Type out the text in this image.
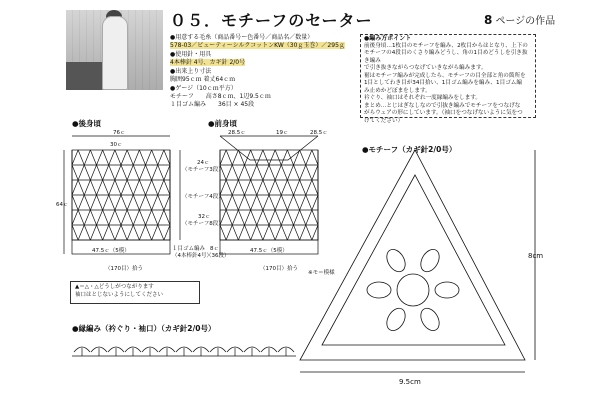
０５．モチーフのセーター	8 ページの作品
●用意する毛糸（商品番号ー色番号／商品名／数量）
578-03／ビューティーシルクコットンKW（30ｇ玉巻）／295ｇ
●使用針・用具
4本棒針 4号、カギ針 2/0号
●出来上り寸法
胸囲95ｃｍ 着丈64ｃｍ
●ゲージ（10ｃｍ平方）
モチーフ　　高さ8ｃｍ、1辺9.5ｃｍ
１目ゴム編み　　36目 × 45段
●編み方ポイント
前後身頃…1枚目のモチーフを編み、2枚目からはとなり、上下の
モチーフの4段目のくさり編みどうし、角の1目めどうしを引き抜き編み
で引き抜きながらつなげていきながら編みます。
裾はモチーフ編みが完成したら、モチーフの目全部と角の箇所を
1目としてわき目が34目拾い、1目ゴム編みを編み、1目ゴム編
み止めかどぼまをします。
衿ぐり、袖口はそれぞれ一度縁編みをします。
まとめ…とじはぎなしなので引抜き編みでモチーフをつなげな
がらウェアの形にしています。（袖口をつなげないように気をつ
けてください）
●後身頃	●前身頃
●モチーフ（カギ針2/0号）
●縁編み（衿ぐり・袖口）（カギ針2/0号）
76ｃ
30ｃ
64ｃ
28.5ｃ	19ｃ	28.5ｃ
24ｃ
（モチーフ3段）
（モチーフ4段）
32ｃ
（モチーフ8段）
47.5ｃ（5模）	47.5ｃ（5模）
１目ゴム編み
（4本棒針4号）
8ｃ
（36段）
（170目）拾う	（170目）拾う
※モ＝模様
▲＝△・△どうしがつながります
袖口はとじないようにしてください
8cm
9.5cm
